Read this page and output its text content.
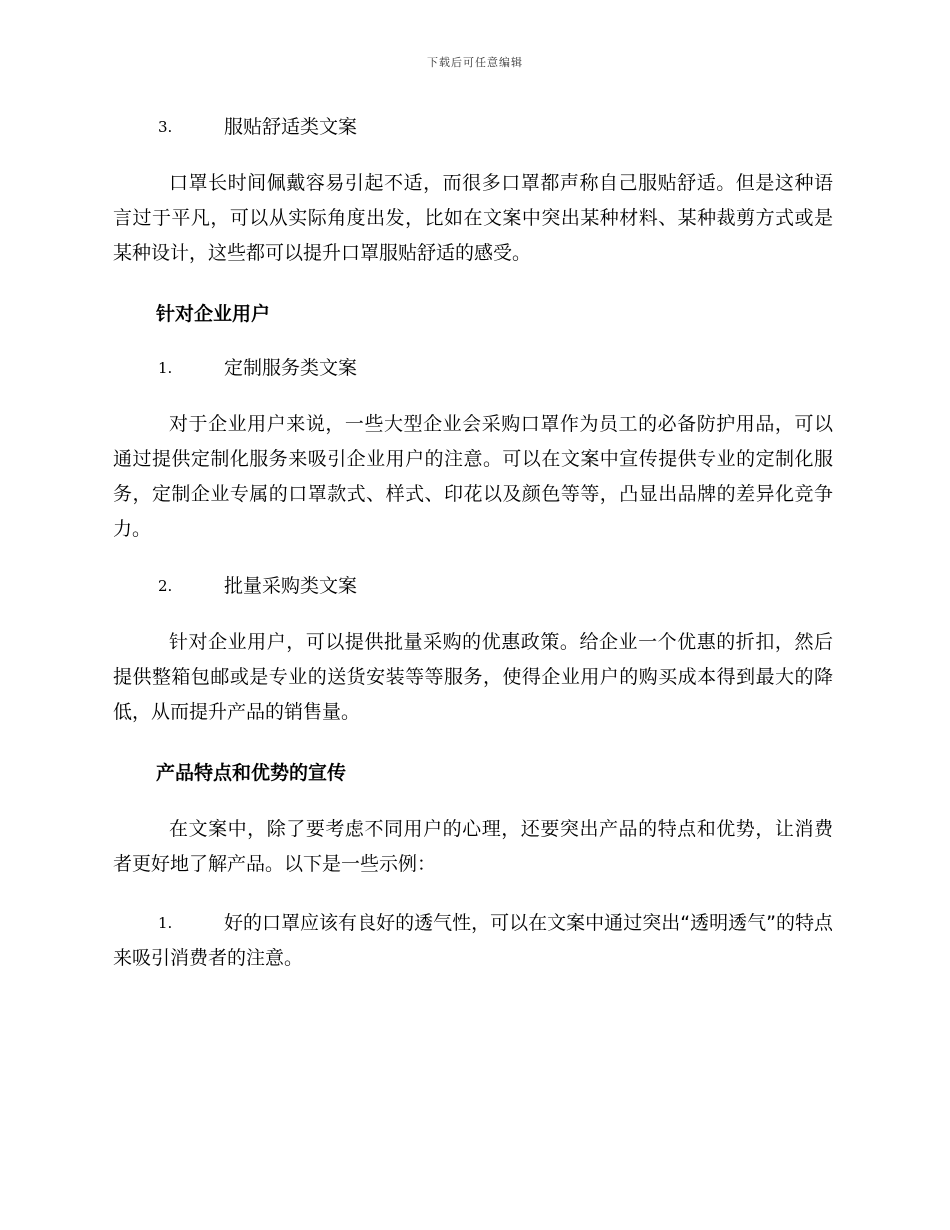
下载后可任意编辑
3.	服贴舒适类文案

口罩长时间佩戴容易引起不适，而很多口罩都声称自己服贴舒适。但是这种语言过于平凡，可以从实际角度出发，比如在文案中突出某种材料、某种裁剪方式或是某种设计，这些都可以提升口罩服贴舒适的感受。

针对企业用户
1.	定制服务类文案

对于企业用户来说，一些大型企业会采购口罩作为员工的必备防护用品，可以通过提供定制化服务来吸引企业用户的注意。可以在文案中宣传提供专业的定制化服务，定制企业专属的口罩款式、样式、印花以及颜色等等，凸显出品牌的差异化竞争力。

2.	批量采购类文案

针对企业用户，可以提供批量采购的优惠政策。给企业一个优惠的折扣，然后提供整箱包邮或是专业的送货安装等等服务，使得企业用户的购买成本得到最大的降低，从而提升产品的销售量。

产品特点和优势的宣传

在文案中，除了要考虑不同用户的心理，还要突出产品的特点和优势，让消费者更好地了解产品。以下是一些示例：

1.	好的口罩应该有良好的透气性，可以在文案中通过突出“透明透气”的特点来吸引消费者的注意。
